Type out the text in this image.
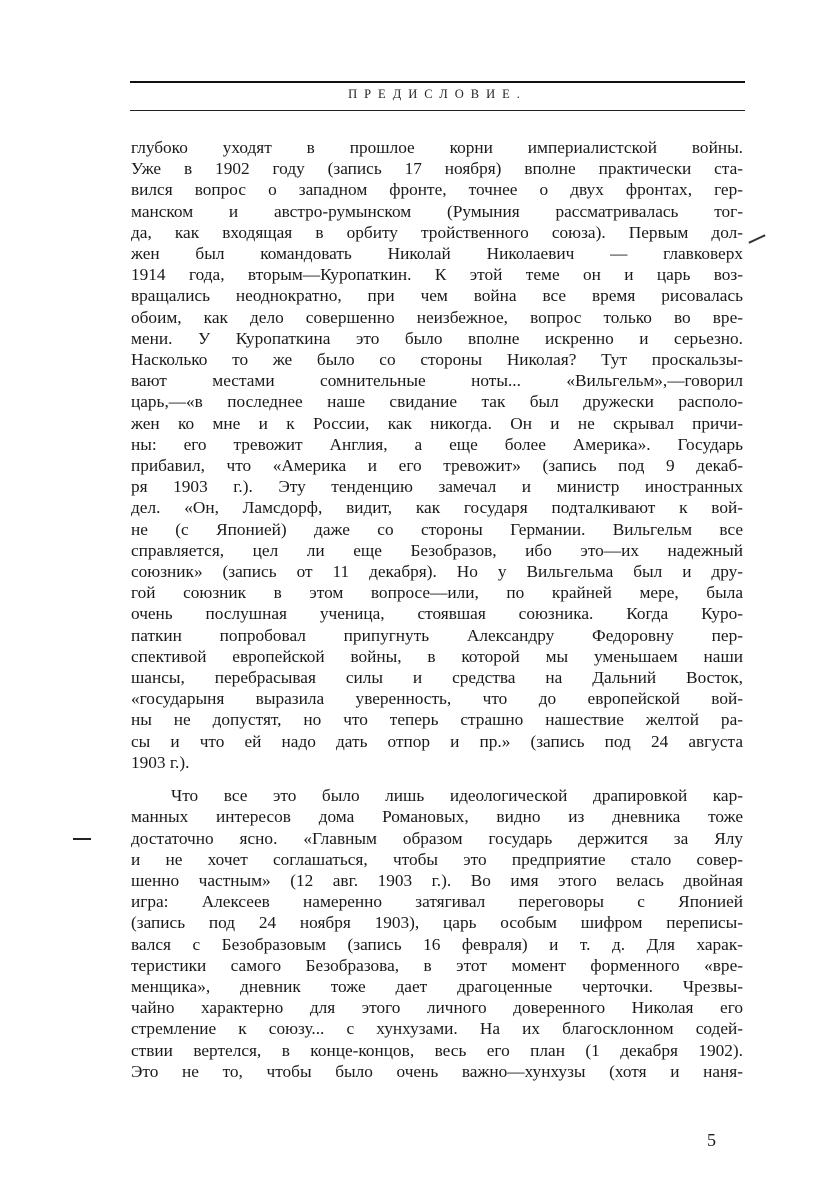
ПРЕДИСЛОВИЕ.
глубоко уходят в прошлое корни империалистской войны.
Уже в 1902 году (запись 17 ноября) вполне практически ста-
вился вопрос о западном фронте, точнее о двух фронтах, гер-
манском и австро-румынском (Румыния рассматривалась тог-
да, как входящая в орбиту тройственного союза). Первым дол-
жен был командовать Николай Николаевич — главковерх
1914 года, вторым—Куропаткин. К этой теме он и царь воз-
вращались неоднократно, при чем война все время рисовалась
обоим, как дело совершенно неизбежное, вопрос только во вре-
мени. У Куропаткина это было вполне искренно и серьезно.
Насколько то же было со стороны Николая? Тут проскальзы-
вают местами сомнительные ноты... «Вильгельм»,—говорил
царь,—«в последнее наше свидание так был дружески располо-
жен ко мне и к России, как никогда. Он и не скрывал причи-
ны: его тревожит Англия, а еще более Америка». Государь
прибавил, что «Америка и его тревожит» (запись под 9 декаб-
ря 1903 г.). Эту тенденцию замечал и министр иностранных
дел. «Он, Ламсдорф, видит, как государя подталкивают к вой-
не (с Японией) даже со стороны Германии. Вильгельм все
справляется, цел ли еще Безобразов, ибо это—их надежный
союзник» (запись от 11 декабря). Но у Вильгельма был и дру-
гой союзник в этом вопросе—или, по крайней мере, была
очень послушная ученица, стоявшая союзника. Когда Куро-
паткин попробовал припугнуть Александру Федоровну пер-
спективой европейской войны, в которой мы уменьшаем наши
шансы, перебрасывая силы и средства на Дальний Восток,
«государыня выразила уверенность, что до европейской вой-
ны не допустят, но что теперь страшно нашествие желтой ра-
сы и что ей надо дать отпор и пр.» (запись под 24 августа
1903 г.).
Что все это было лишь идеологической драпировкой кар-
манных интересов дома Романовых, видно из дневника тоже
достаточно ясно. «Главным образом государь держится за Ялу
и не хочет соглашаться, чтобы это предприятие стало совер-
шенно частным» (12 авг. 1903 г.). Во имя этого велась двойная
игра: Алексеев намеренно затягивал переговоры с Японией
(запись под 24 ноября 1903), царь особым шифром переписы-
вался с Безобразовым (запись 16 февраля) и т. д. Для харак-
теристики самого Безобразова, в этот момент форменного «вре-
менщика», дневник тоже дает драгоценные черточки. Чрезвы-
чайно характерно для этого личного доверенного Николая его
стремление к союзу... с хунхузами. На их благосклонном содей-
ствии вертелся, в конце-концов, весь его план (1 декабря 1902).
Это не то, чтобы было очень важно—хунхузы (хотя и наня-
5
